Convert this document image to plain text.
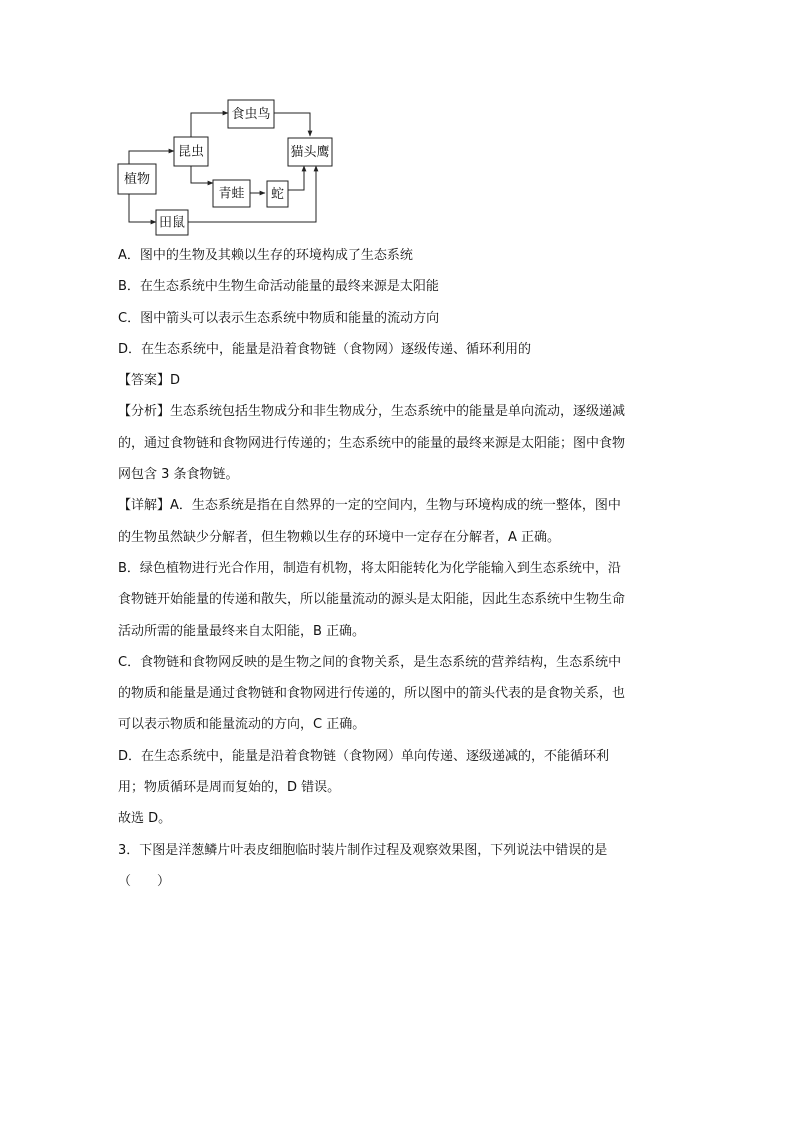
植物
昆虫
食虫鸟
猫头鹰
青蛙 蛇
田鼠
A．图中的生物及其赖以生存的环境构成了生态系统
B．在生态系统中生物生命活动能量的最终来源是太阳能
C．图中箭头可以表示生态系统中物质和能量的流动方向
D．在生态系统中，能量是沿着食物链（食物网）逐级传递、循环利用的
【答案】D
【分析】生态系统包括生物成分和非生物成分，生态系统中的能量是单向流动，逐级递减
的，通过食物链和食物网进行传递的；生态系统中的能量的最终来源是太阳能；图中食物
网包含 3 条食物链。
【详解】A．生态系统是指在自然界的一定的空间内，生物与环境构成的统一整体，图中
的生物虽然缺少分解者，但生物赖以生存的环境中一定存在分解者，A 正确。
B．绿色植物进行光合作用，制造有机物，将太阳能转化为化学能输入到生态系统中，沿
食物链开始能量的传递和散失，所以能量流动的源头是太阳能，因此生态系统中生物生命
活动所需的能量最终来自太阳能，B 正确。
C．食物链和食物网反映的是生物之间的食物关系，是生态系统的营养结构，生态系统中
的物质和能量是通过食物链和食物网进行传递的，所以图中的箭头代表的是食物关系，也
可以表示物质和能量流动的方向，C 正确。
D．在生态系统中，能量是沿着食物链（食物网）单向传递、逐级递减的，不能循环利
用；物质循环是周而复始的，D 错误。
故选 D。
3．下图是洋葱鳞片叶表皮细胞临时装片制作过程及观察效果图，下列说法中错误的是
（　　）
